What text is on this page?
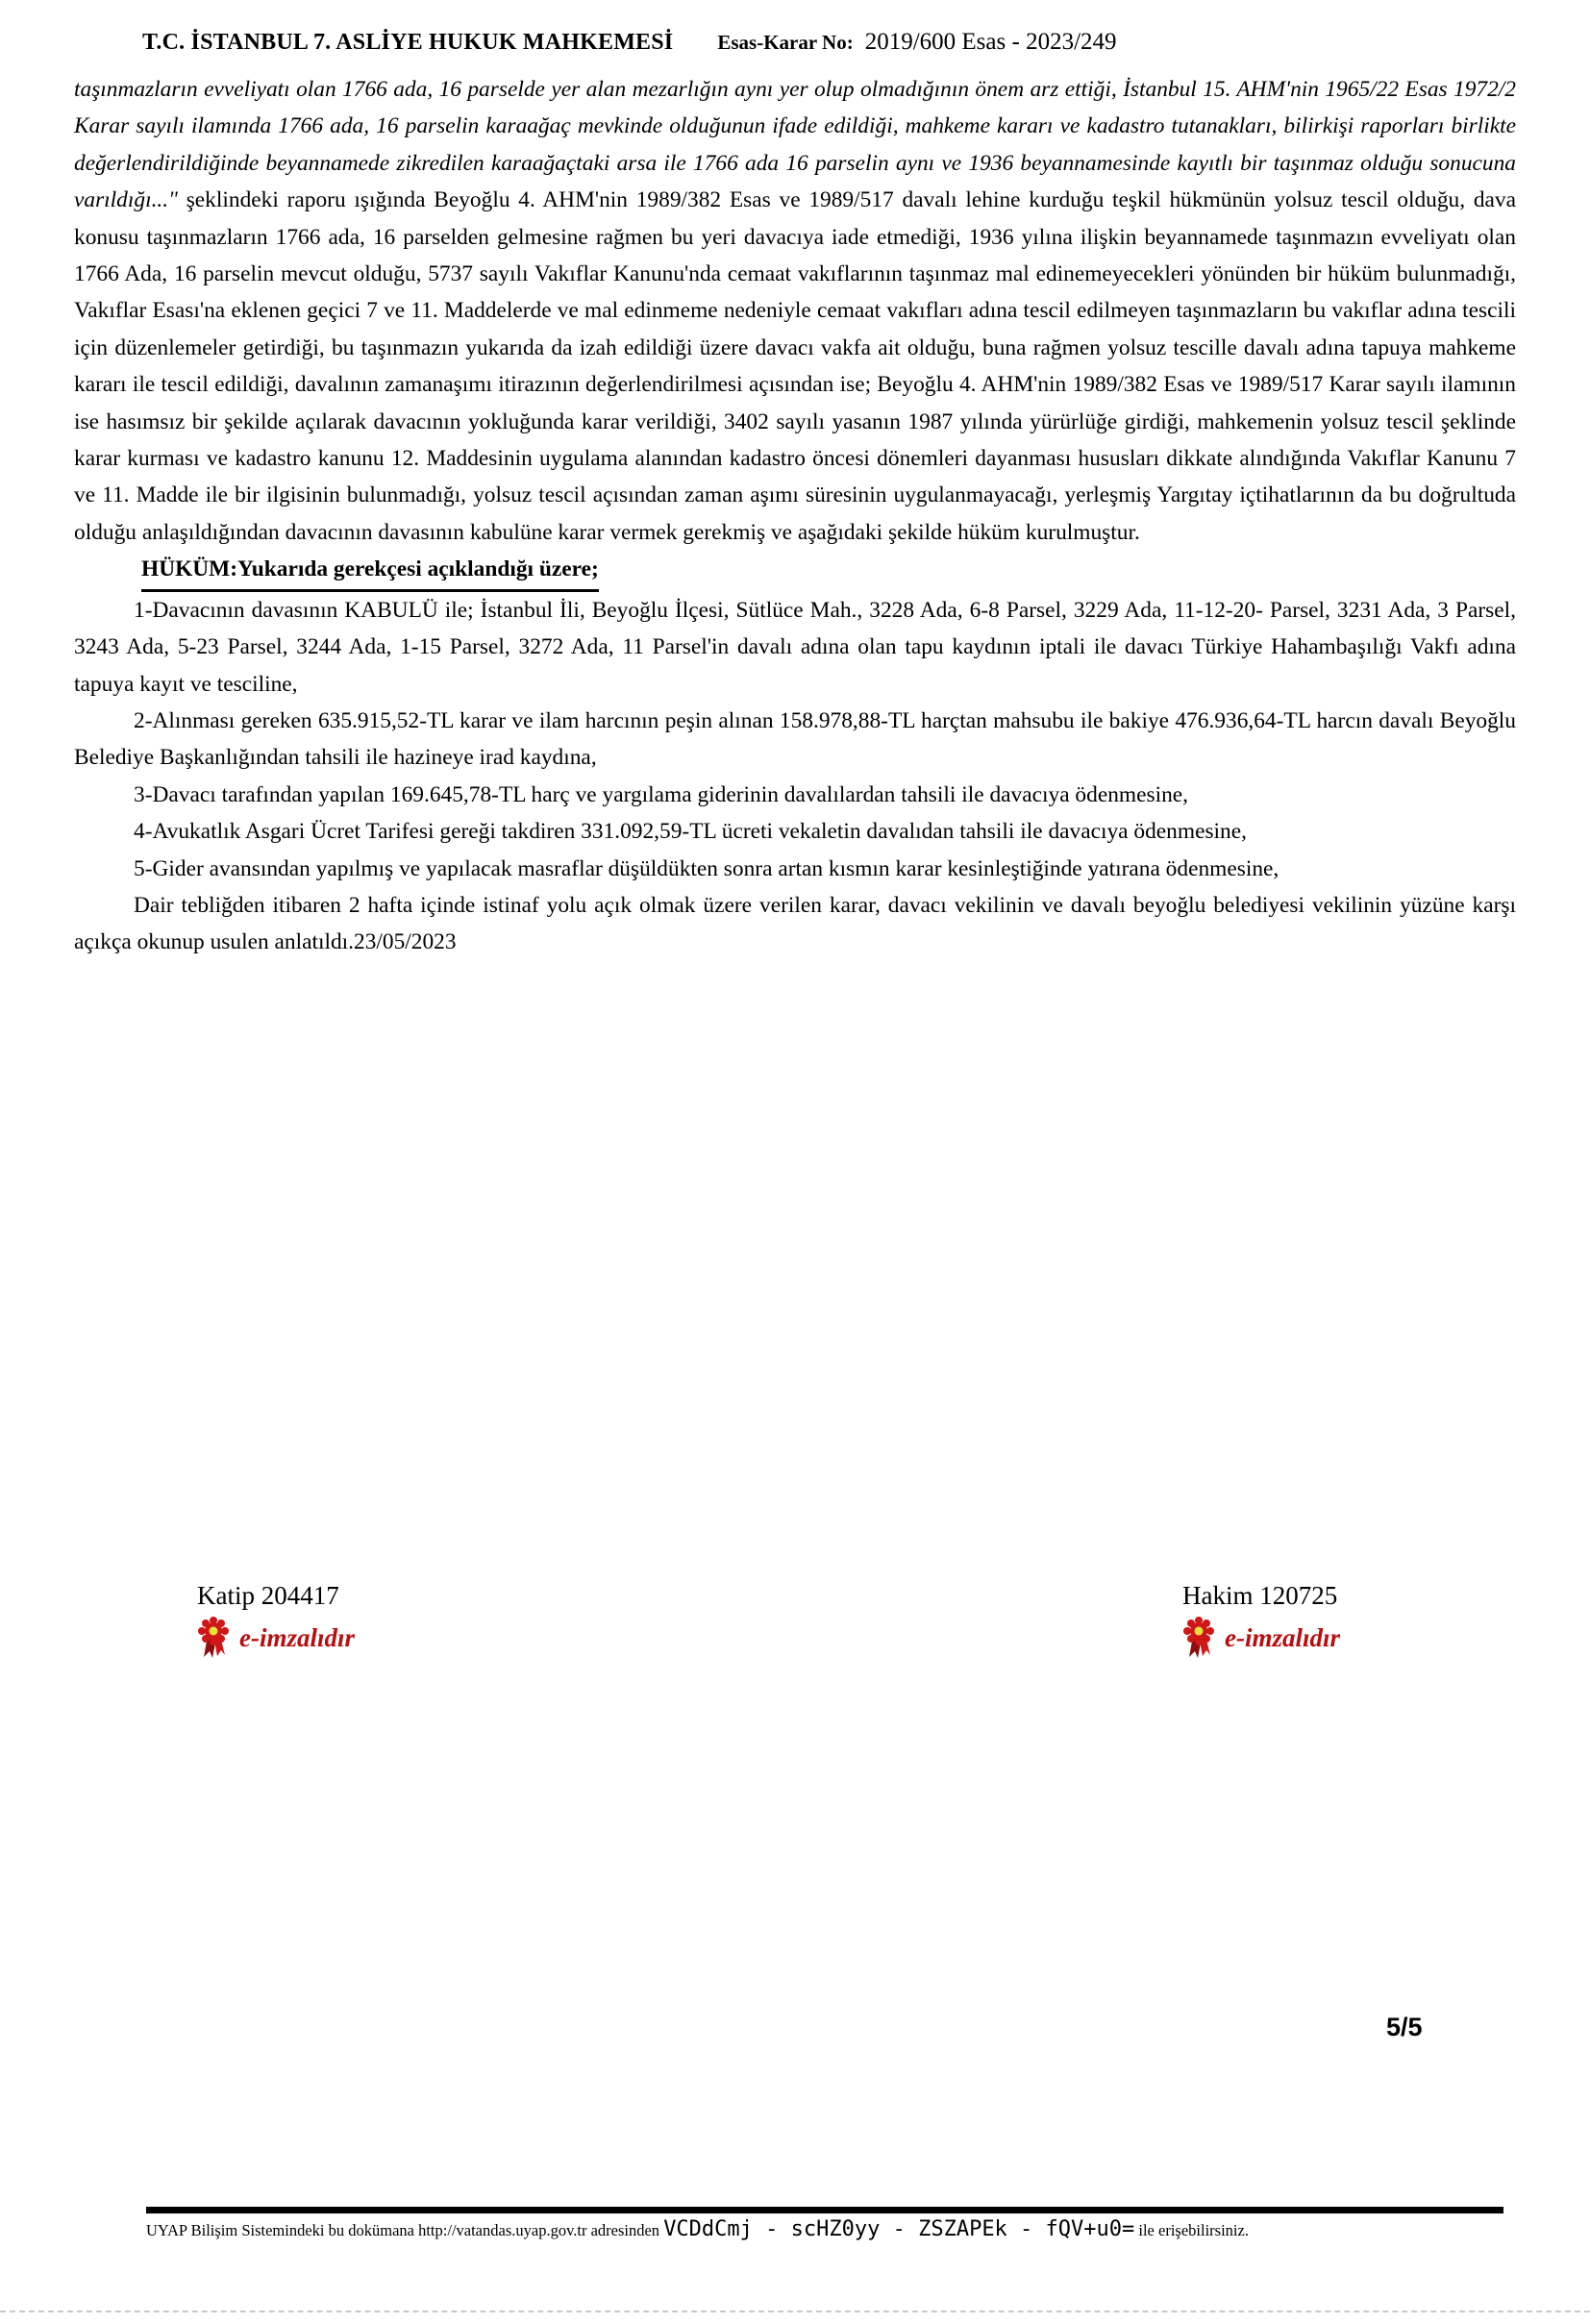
T.C. İSTANBUL 7. ASLİYE HUKUK MAHKEMESİ Esas-Karar No: 2019/600 Esas - 2023/249

taşınmazların evveliyatı olan 1766 ada, 16 parselde yer alan mezarlığın aynı yer olup olmadığının önem arz ettiği, İstanbul 15. AHM'nin 1965/22 Esas 1972/2 Karar sayılı ilamında 1766 ada, 16 parselin karaağaç mevkinde olduğunun ifade edildiği, mahkeme kararı ve kadastro tutanakları, bilirkişi raporları birlikte değerlendirildiğinde beyannamede zikredilen karaağaçtaki arsa ile 1766 ada 16 parselin aynı ve 1936 beyannamesinde kayıtlı bir taşınmaz olduğu sonucuna varıldığı..." şeklindeki raporu ışığında Beyoğlu 4. AHM'nin 1989/382 Esas ve 1989/517 davalı lehine kurduğu teşkil hükmünün yolsuz tescil olduğu, dava konusu taşınmazların 1766 ada, 16 parselden gelmesine rağmen bu yeri davacıya iade etmediği, 1936 yılına ilişkin beyannamede taşınmazın evveliyatı olan 1766 Ada, 16 parselin mevcut olduğu, 5737 sayılı Vakıflar Kanunu'nda cemaat vakıflarının taşınmaz mal edinemeyecekleri yönünden bir hüküm bulunmadığı, Vakıflar Esası'na eklenen geçici 7 ve 11. Maddelerde ve mal edinmeme nedeniyle cemaat vakıfları adına tescil edilmeyen taşınmazların bu vakıflar adına tescili için düzenlemeler getirdiği, bu taşınmazın yukarıda da izah edildiği üzere davacı vakfa ait olduğu, buna rağmen yolsuz tescille davalı adına tapuya mahkeme kararı ile tescil edildiği, davalının zamanaşımı itirazının değerlendirilmesi açısından ise; Beyoğlu 4. AHM'nin 1989/382 Esas ve 1989/517 Karar sayılı ilamının ise hasımsız bir şekilde açılarak davacının yokluğunda karar verildiği, 3402 sayılı yasanın 1987 yılında yürürlüğe girdiği, mahkemenin yolsuz tescil şeklinde karar kurması ve kadastro kanunu 12. Maddesinin uygulama alanından kadastro öncesi dönemleri dayanması hususları dikkate alındığında Vakıflar Kanunu 7 ve 11. Madde ile bir ilgisinin bulunmadığı, yolsuz tescil açısından zaman aşımı süresinin uygulanmayacağı, yerleşmiş Yargıtay içtihatlarının da bu doğrultuda olduğu anlaşıldığından davacının davasının kabulüne karar vermek gerekmiş ve aşağıdaki şekilde hüküm kurulmuştur.

HÜKÜM:Yukarıda gerekçesi açıklandığı üzere;

1-Davacının davasının KABULÜ ile; İstanbul İli, Beyoğlu İlçesi, Sütlüce Mah., 3228 Ada, 6-8 Parsel, 3229 Ada, 11-12-20- Parsel, 3231 Ada, 3 Parsel, 3243 Ada, 5-23 Parsel, 3244 Ada, 1-15 Parsel, 3272 Ada, 11 Parsel'in davalı adına olan tapu kaydının iptali ile davacı Türkiye Hahambaşılığı Vakfı adına tapuya kayıt ve tesciline,

2-Alınması gereken 635.915,52-TL karar ve ilam harcının peşin alınan 158.978,88-TL harçtan mahsubu ile bakiye 476.936,64-TL harcın davalı Beyoğlu Belediye Başkanlığından tahsili ile hazineye irad kaydına,

3-Davacı tarafından yapılan 169.645,78-TL harç ve yargılama giderinin davalılardan tahsili ile davacıya ödenmesine,

4-Avukatlık Asgari Ücret Tarifesi gereği takdiren 331.092,59-TL ücreti vekaletin davalıdan tahsili ile davacıya ödenmesine,

5-Gider avansından yapılmış ve yapılacak masraflar düşüldükten sonra artan kısmın karar kesinleştiğinde yatırana ödenmesine,

Dair tebliğden itibaren 2 hafta içinde istinaf yolu açık olmak üzere verilen karar, davacı vekilinin ve davalı beyoğlu belediyesi vekilinin yüzüne karşı açıkça okunup usulen anlatıldı.23/05/2023

Katip 204417
e-imzalıdır
Hakim 120725
e-imzalıdır
5/5
UYAP Bilişim Sistemindeki bu dokümana http://vatandas.uyap.gov.tr adresinden VCDdCmj - scHZ0yy - ZSZAPEk - fQV+u0= ile erişebilirsiniz.
